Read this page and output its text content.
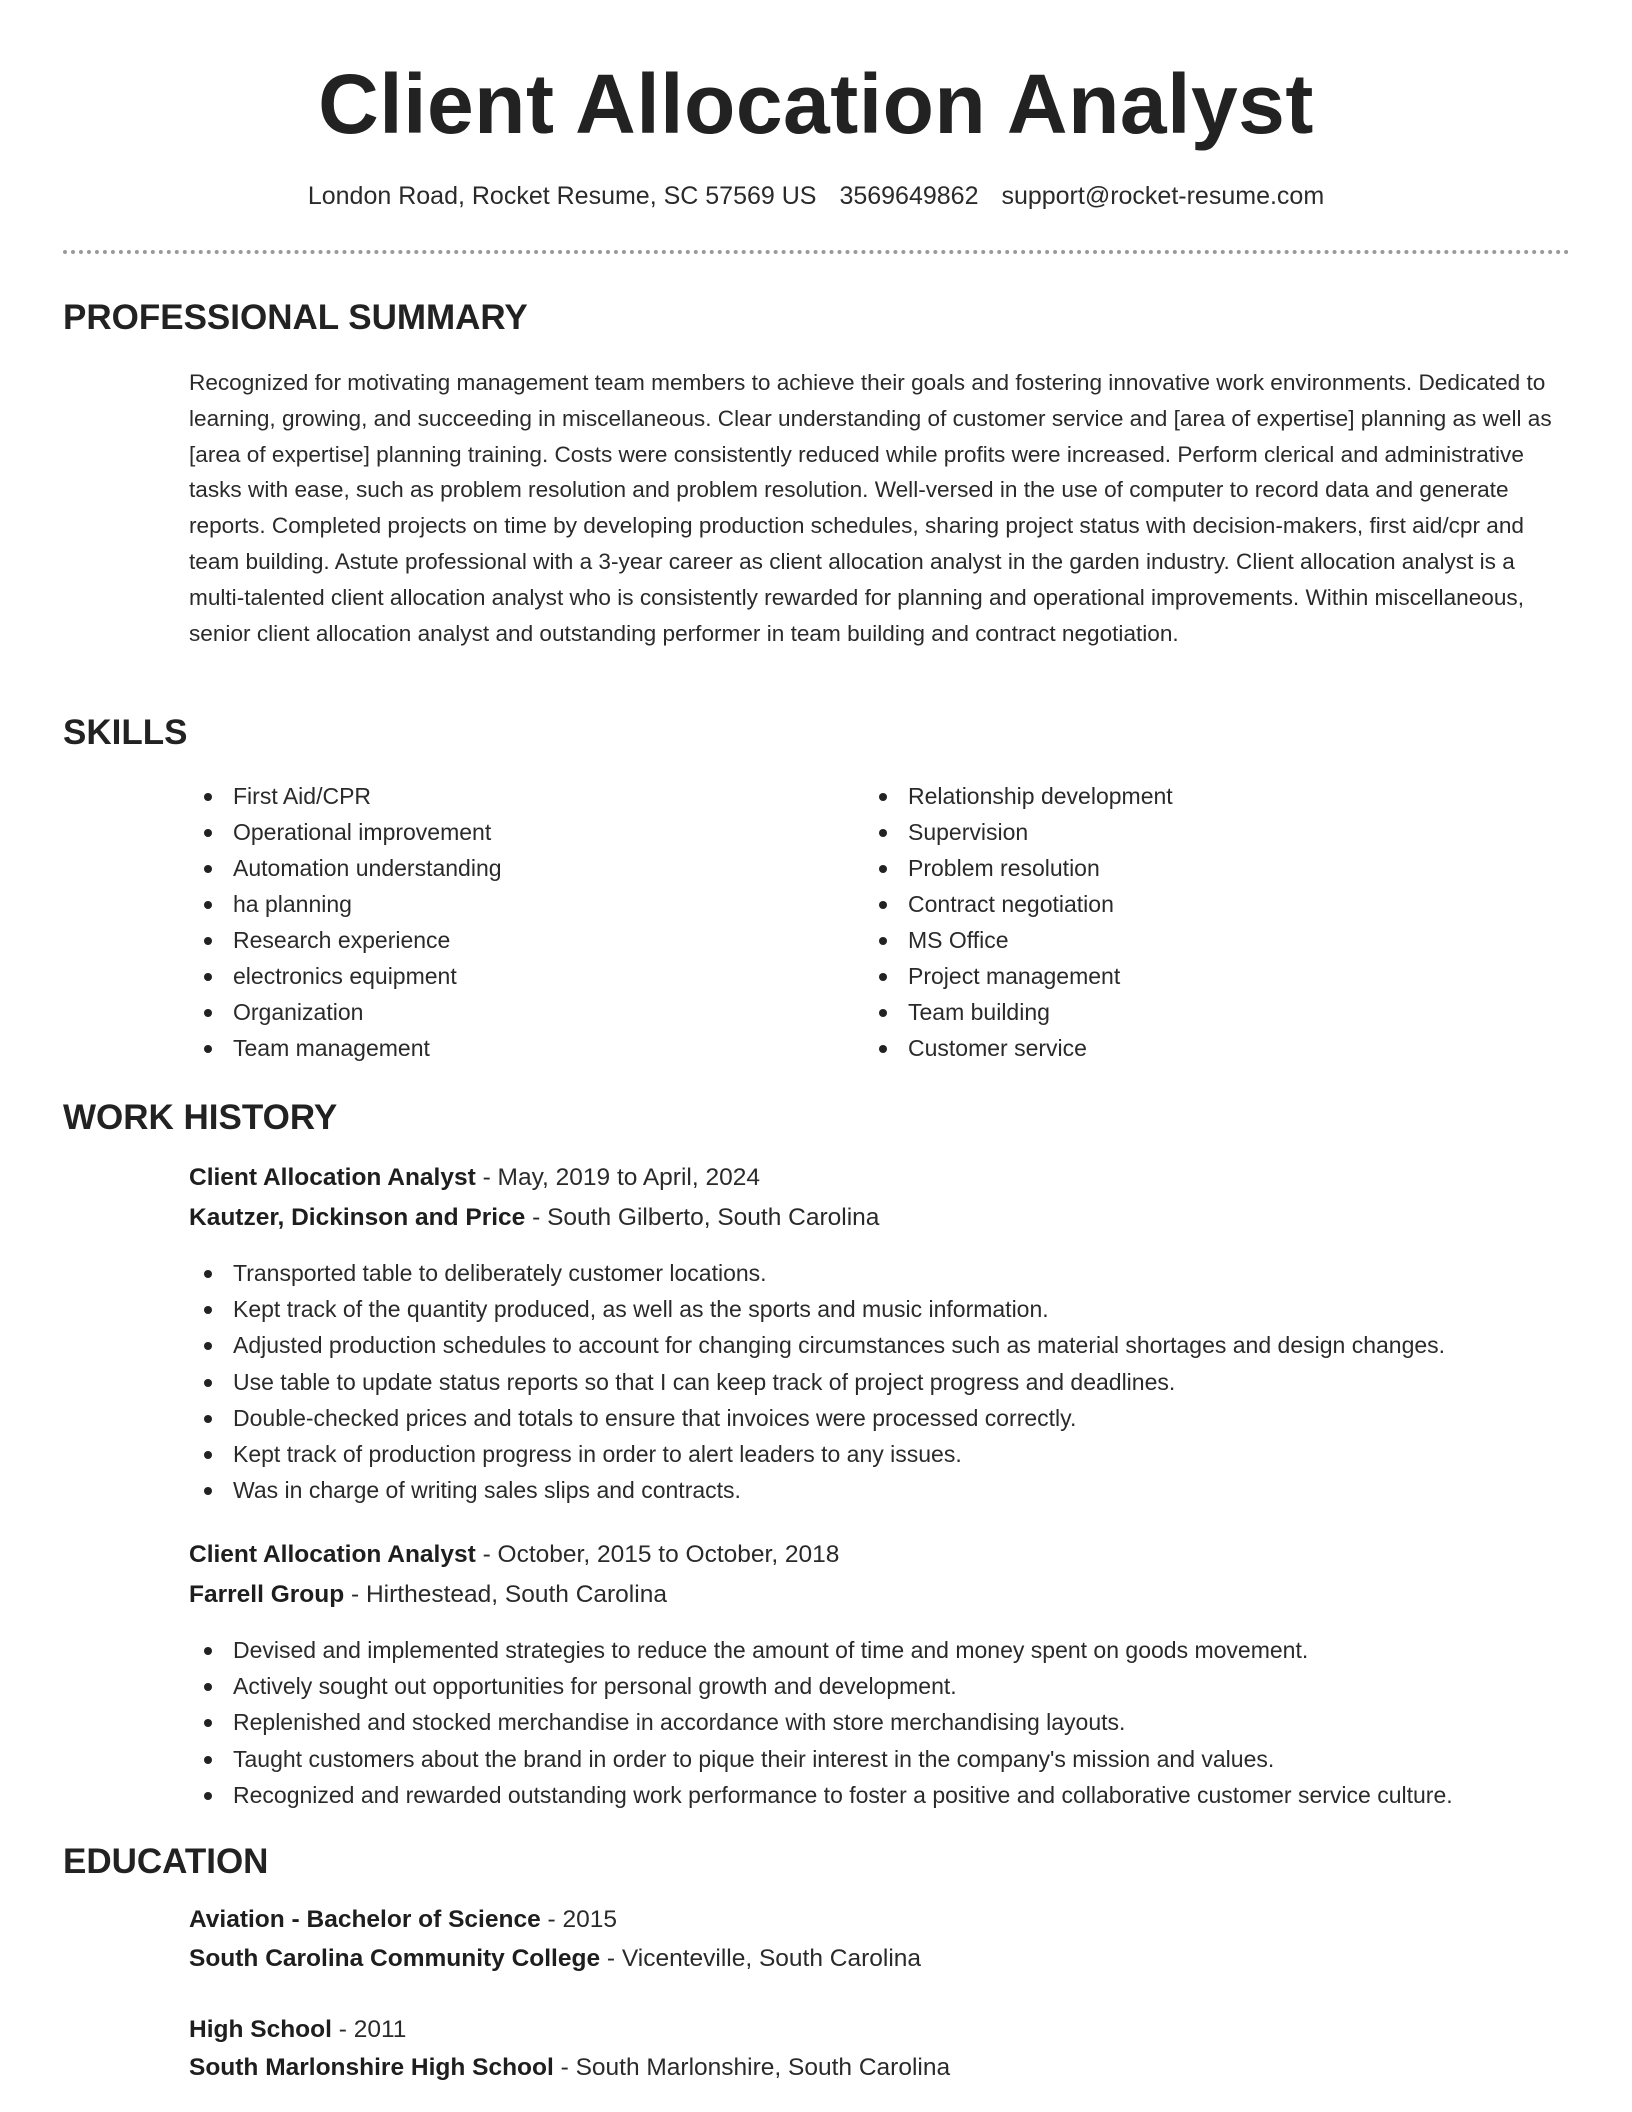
Client Allocation Analyst
London Road, Rocket Resume, SC 57569 US 3569649862 support@rocket-resume.com
PROFESSIONAL SUMMARY
Recognized for motivating management team members to achieve their goals and fostering innovative work environments. Dedicated to learning, growing, and succeeding in miscellaneous. Clear understanding of customer service and [area of expertise] planning as well as [area of expertise] planning training. Costs were consistently reduced while profits were increased. Perform clerical and administrative tasks with ease, such as problem resolution and problem resolution. Well-versed in the use of computer to record data and generate reports. Completed projects on time by developing production schedules, sharing project status with decision-makers, first aid/cpr and team building. Astute professional with a 3-year career as client allocation analyst in the garden industry. Client allocation analyst is a multi-talented client allocation analyst who is consistently rewarded for planning and operational improvements. Within miscellaneous, senior client allocation analyst and outstanding performer in team building and contract negotiation.
SKILLS
First Aid/CPR
Operational improvement
Automation understanding
ha planning
Research experience
electronics equipment
Organization
Team management
Relationship development
Supervision
Problem resolution
Contract negotiation
MS Office
Project management
Team building
Customer service
WORK HISTORY
Client Allocation Analyst - May, 2019 to April, 2024
Kautzer, Dickinson and Price - South Gilberto, South Carolina
Transported table to deliberately customer locations.
Kept track of the quantity produced, as well as the sports and music information.
Adjusted production schedules to account for changing circumstances such as material shortages and design changes.
Use table to update status reports so that I can keep track of project progress and deadlines.
Double-checked prices and totals to ensure that invoices were processed correctly.
Kept track of production progress in order to alert leaders to any issues.
Was in charge of writing sales slips and contracts.
Client Allocation Analyst - October, 2015 to October, 2018
Farrell Group - Hirthestead, South Carolina
Devised and implemented strategies to reduce the amount of time and money spent on goods movement.
Actively sought out opportunities for personal growth and development.
Replenished and stocked merchandise in accordance with store merchandising layouts.
Taught customers about the brand in order to pique their interest in the company's mission and values.
Recognized and rewarded outstanding work performance to foster a positive and collaborative customer service culture.
EDUCATION
Aviation - Bachelor of Science - 2015
South Carolina Community College - Vicenteville, South Carolina
High School - 2011
South Marlonshire High School - South Marlonshire, South Carolina
